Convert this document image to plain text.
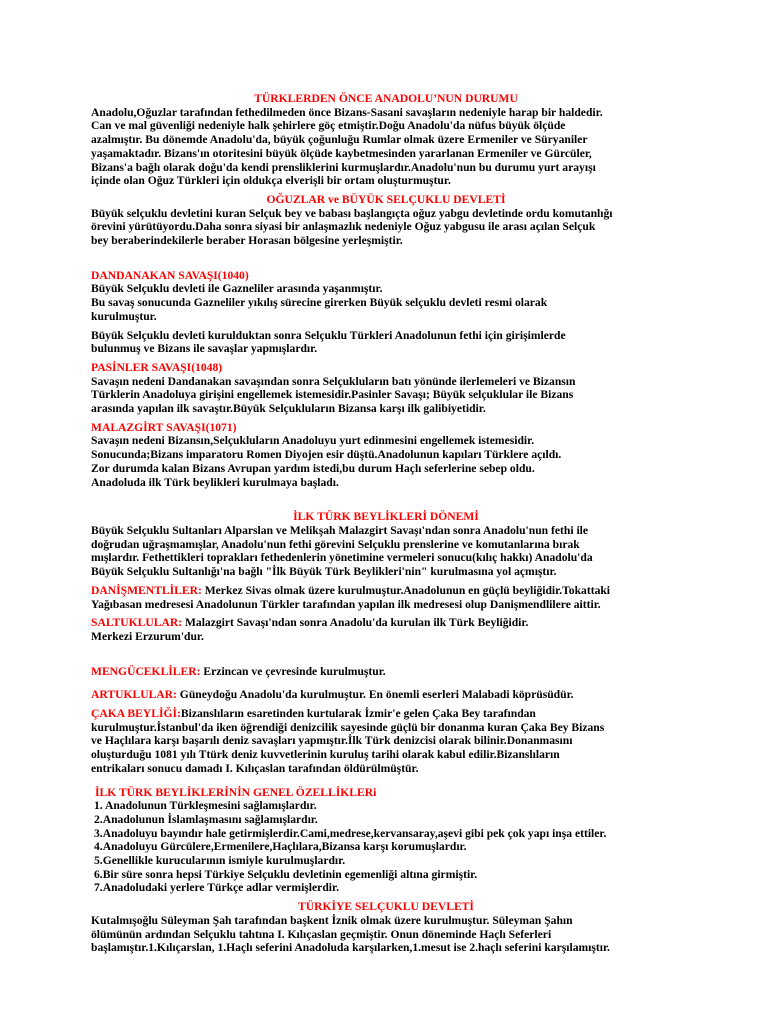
TÜRKLERDEN ÖNCE ANADOLU’NUN DURUMU

Anadolu,Oğuzlar tarafından fethedilmeden önce Bizans-Sasani savaşların nedeniyle harap bir haldedir.
Can ve mal güvenliği nedeniyle halk şehirlere göç etmiştir.Doğu Anadolu'da nüfus büyük ölçüde
azalmıştır. Bu dönemde Anadolu'da, büyük çoğunluğu Rumlar olmak üzere Ermeniler ve Süryaniler
yaşamaktadır. Bizans'ın otoritesini büyük ölçüde kaybetmesinden yararlanan Ermeniler ve Gürcüler,
Bizans'a bağlı olarak doğu'da kendi prensliklerini kurmuşlardır.Anadolu'nun bu durumu yurt arayışı
içinde olan Oğuz Türkleri için oldukça elverişli bir ortam oluşturmuştur.

OĞUZLAR ve BÜYÜK SELÇUKLU DEVLETİ

Büyük selçuklu devletini kuran Selçuk bey ve babası başlangıçta oğuz yabgu devletinde ordu komutanlığı
örevini yürütüyordu.Daha sonra siyasi bir anlaşmazlık nedeniyle Oğuz yabgusu ile arası açılan Selçuk
bey beraberindekilerle beraber Horasan bölgesine yerleşmiştir.

DANDANAKAN SAVAŞI(1040)

Büyük Selçuklu devleti ile Gazneliler arasında yaşanmıştır.
Bu savaş sonucunda Gazneliler yıkılış sürecine girerken Büyük selçuklu devleti resmi olarak
kurulmuştur.

Büyük Selçuklu devleti kurulduktan sonra Selçuklu Türkleri Anadolunun fethi için girişimlerde
bulunmuş ve Bizans ile savaşlar yapmışlardır.

PASİNLER SAVAŞI(1048)

Savaşın nedeni Dandanakan savaşından sonra Selçukluların batı yönünde ilerlemeleri ve Bizansın
Türklerin Anadoluya girişini engellemek istemesidir.Pasinler Savaşı; Büyük selçuklular ile Bizans
arasında yapılan ilk savaştır.Büyük Selçukluların Bizansa karşı ilk galibiyetidir.

MALAZGİRT SAVAŞI(1071)

Savaşın nedeni Bizansın,Selçukluların Anadoluyu yurt edinmesini engellemek istemesidir.
Sonucunda;Bizans imparatoru Romen Diyojen esir düştü.Anadolunun kapıları Türklere açıldı.
Zor durumda kalan Bizans Avrupan yardım istedi,bu durum Haçlı seferlerine sebep oldu.
Anadoluda ilk Türk beylikleri kurulmaya başladı.

İLK TÜRK BEYLİKLERİ DÖNEMİ

Büyük Selçuklu Sultanları Alparslan ve Melikşah Malazgirt Savaşı'ndan sonra Anadolu'nun fethi ile
doğrudan uğraşmamışlar, Anadolu'nun fethi görevini Selçuklu prenslerine ve komutanlarına bırak
mışlardır. Fethettikleri toprakları fethedenlerin yönetimine vermeleri sonucu(kılıç hakkı) Anadolu'da
Büyük Selçuklu Sultanlığı'na bağlı "İlk Büyük Türk Beylikleri'nin" kurulmasına yol açmıştır.

DANİŞMENTLİLER: Merkez Sivas olmak üzere kurulmuştur.Anadolunun en güçlü beyliğidir.Tokattaki
Yağıbasan medresesi Anadolunun Türkler tarafından yapılan ilk medresesi olup Danişmendlilere aittir.

SALTUKLULAR: Malazgirt Savaşı'ndan sonra Anadolu'da kurulan ilk Türk Beyliğidir.
Merkezi Erzurum'dur.

MENGÜCEKLİLER: Erzincan ve çevresinde kurulmuştur.

ARTUKLULAR: Güneydoğu Anadolu'da kurulmuştur. En önemli eserleri Malabadi köprüsüdür.

ÇAKA BEYLİĞİ:Bizanslıların esaretinden kurtularak İzmir'e gelen Çaka Bey tarafından
kurulmuştur.İstanbul'da iken öğrendiği denizcilik sayesinde güçlü bir donanma kuran Çaka Bey Bizans
ve Haçlılara karşı başarılı deniz savaşları yapmıştır.İlk Türk denizcisi olarak bilinir.Donanmasını
oluşturduğu 1081 yılı Ttürk deniz kuvvetlerinin kuruluş tarihi olarak kabul edilir.Bizanslıların
entrikaları sonucu damadı I. Kılıçaslan tarafından öldürülmüştür.

İLK TÜRK BEYLİKLERİNİN GENEL ÖZELLİKLERi

1. Anadolunun Türkleşmesini sağlamışlardır.

2.Anadolunun İslamlaşmasını sağlamışlardır.

3.Anadoluyu bayındır hale getirmişlerdir.Cami,medrese,kervansaray,aşevi gibi pek çok yapı inşa ettiler.

4.Anadoluyu Gürcülere,Ermenilere,Haçlılara,Bizansa karşı korumuşlardır.

5.Genellikle kurucularının ismiyle kurulmuşlardır.

6.Bir süre sonra hepsi Türkiye Selçuklu devletinin egemenliği altına girmiştir.

7.Anadoludaki yerlere Türkçe adlar vermişlerdir.

TÜRKİYE SELÇUKLU DEVLETİ

Kutalmışoğlu Süleyman Şah tarafından başkent İznik olmak üzere kurulmuştur. Süleyman Şahın
ölümünün ardından Selçuklu tahtına I. Kılıçaslan geçmiştir. Onun döneminde Haçlı Seferleri
başlamıştır.1.Kılıçarslan, 1.Haçlı seferini Anadoluda karşılarken,1.mesut ise 2.haçlı seferini karşılamıştır.
